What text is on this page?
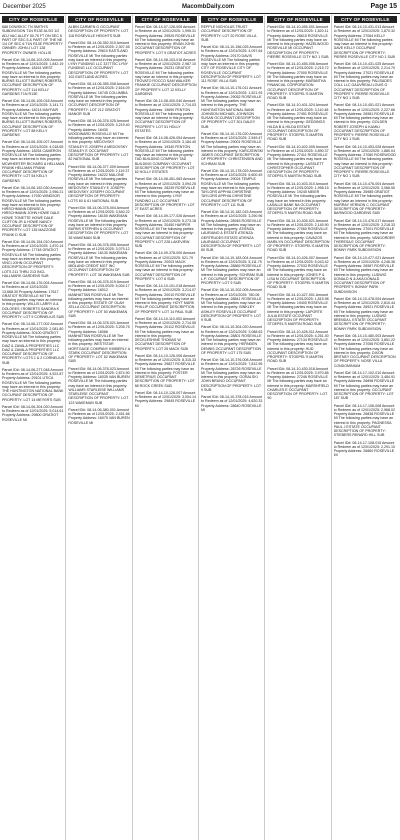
December 2025	MacombDaily.com	Page 15
CITY OF ROSEVILLE

688 DOWSKI'C TN SMITH'S SUBDIVISION T1N R13E ALSO 1/2 ADJ VAC ALLEY 50.75 FT ON SEC 6 PART OF SEC 5 & PART OF THE NE 1/4 OF SEC 6 T1N R13E PROPERTY OWNER: JOHN J LOT 128 PROPERTY OWNER: HOLLIS

Parcel ID#: 08-14-06-103-005 Amount to Redeem as of 12/01/2025: 1,842.19 Property Address: 18161 WEST ROSEVILLE MI The following parties may have an interest in this property: BURNS ELLIOTT BURNS ROBERTA OCCUPANT DESCRIPTION OF PROPERTY: LOT 114 KELLY GARDENS T1N R13E

Parcel ID#: 08-14-06-105-018 Amount to Redeem as of 12/01/2025: 3,141.71 Property Address: 18214 MAYFAIR ROSEVILLE MI The following parties may have an interest in this property: BURNS ELLIOTT BURNS ROBERTA OCCUPANT DESCRIPTION OF PROPERTY: LOT 88 KELLY GARDENS

Parcel ID#: 08-14-06-105-027 Amount to Redeem as of 12/01/2025: 4,018.65 Property Address: 18254 CAMERON ROSEVILLE MI The following parties may have an interest in this property: MCWHERTER RICHARD A HELLMAN FRANK HELLMAN FRANK OCCUPANT DESCRIPTION OF PROPERTY: LOT 54 KELLY GARDENS

Parcel ID#: 08-14-06-152-030 Amount to Redeem as of 12/01/2025: 2,956.21 Property Address: 17930 WINDSOR ROSEVILLE MI The following parties may have an interest in this property: HIRSCHMANN DENISE A HIRSCHMANN JOHN HOWE DALE HOWE TONETTE HOWE DALE CLIFTON JR & HOWE NANCY OCCUPANT DESCRIPTION OF PROPERTY: LOT 135 MAZZONE FRANK D SUB

Parcel ID#: 08-14-06-154-010 Amount to Redeem as of 12/01/2025: 1,870.14 Property Address: 17748 GRATIOT ROSEVILLE MI The following parties may have an interest in this property: VINCI JOHN OCCUPANT DESCRIPTION OF PROPERTY: LOTS 211 THRU 213 INCL HALLMARK GARDENS SUB

Parcel ID#: 08-14-06-176-004 Amount to Redeem as of 12/01/2025: 13,668.30 Property Address: 17617 GRATIOT ROSEVILLE MI The following parties may have an interest in this property: WILLIS LARRY A & DOLORES I ROBERTS SANDRA K OCCUPANT DESCRIPTION OF PROPERTY: LOT 9 CORNELIUS SUB

Parcel ID#: 08-14-06-177-002 Amount to Redeem as of 12/01/2025: 2,081.80 Property Address: 30100 GRATIOT ROSEVILLE MI The following parties may have an interest in this property: DIAZ & ZAVALA PROPERTIES LLC DIAZ & ZAVALA PROPERTIES LLC OCCUPANT DESCRIPTION OF PROPERTY: LOTS 1 & 2 CORNELIUS SUB

Parcel ID#: 08-14-06-277-048 Amount to Redeem as of 12/01/2025: 4,522.87 Property Address: 29101 UTICA ROSEVILLE MI The following parties may have an interest in this property: THE HUNTINGTON NATIONAL BANK OCCUPANT DESCRIPTION OF PROPERTY: LOT 14 MEYER'S SUB

Parcel ID#: 08-14-06-304-020 Amount to Redeem as of 12/01/2025: 5,014.61 Property Address: 29800 GRATIOT ROSEVILLE MI

CITY OF ROSEVILLE

ALBIN CARMEN G OCCUPANT DESCRIPTION OF PROPERTY: LOT 118 ROSEVILLE HEIGHTS SUB

Parcel ID#: 08-14-06-352-010 Amount to Redeem as of 12/01/2025: 2,307.45 Property Address: 29610 EASTLAND ROSEVILLE MI The following parties may have an interest in this property: LYNY FUNDING LLC 337775C LYNY FUNDING LLC OCCUPANT DESCRIPTION OF PROPERTY: LOT 102 EASTLAND ACRES

Parcel ID#: 08-14-06-355-008 Amount to Redeem as of 12/01/2025: 2,616.09 Property Address: 16745 COLUMBIA ROSEVILLE MI The following parties may have an interest in this property: OCCUPANT DESCRIPTION OF PROPERTY: LOT 212 GRATIOT MANOR SUB

Parcel ID#: 08-14-06-376-025 Amount to Redeem as of 12/01/2025: 3,219.40 Property Address: 16430 WOODWARD ROSEVILLE MI The following parties may have an interest in this property: MEDOVSKY STANLEY E JOSEPH A MEDOVSKY STANLEY E OCCUPANT DESCRIPTION OF PROPERTY: LOT 82 NATIONAL SUB

Parcel ID#: 08-14-06-377-009 Amount to Redeem as of 12/01/2025: 2,119.37 Property Address: 16222 MALONE ROSEVILLE MI The following parties may have an interest in this property: MEDOVSKY STANLEY E JOSEPH MEDOVSKY JOSEPH OCCUPANT DESCRIPTION OF PROPERTY: LOTS 60 & 61 NATIONAL SUB

Parcel ID#: 08-14-06-378-004 Amount to Redeem as of 12/01/2025: 3,540.22 Property Address: 16150 WAKEMAN ROSEVILLE MI The following parties may have an interest in this property: BURNS STEPHEN & OCCUPANT DESCRIPTION OF PROPERTY: LOT 35 WAKEMAN SUB

Parcel ID#: 08-14-06-378-005 Amount to Redeem as of 12/01/2025: 3,075.12 Property Address: 16130 WAKEMAN ROSEVILLE MI The following parties may have an interest in this property: MIDLAND CREDIT MGT INC OCCUPANT DESCRIPTION OF PROPERTY: LOT 36 WAKEMAN SUB

Parcel ID#: 08-14-06-378-019 Amount to Redeem as of 12/01/2025: 5,004.17 Property Address: 16012 MANHATTAN ROSEVILLE MI The following parties may have an interest in this property: ESTATE OF OLAH ZELLA OCCUPANT DESCRIPTION OF PROPERTY: LOT 50 WAKEMAN SUB

Parcel ID#: 08-14-06-378-021 Amount to Redeem as of 12/01/2025: 3,205.75 Property Address: 16066 MANHATTAN ROSEVILLE MI The following parties may have an interest in this property: WESTSTAR MORTGAGE COMPANY KIMBERLY A STARK OCCUPANT DESCRIPTION OF PROPERTY: LOT 52 WAKEMAN SUB

Parcel ID#: 08-14-06-378-023 Amount to Redeem as of 12/01/2025: 2,874.90 Property Address: 16035 VAN BUREN ROSEVILLE MI The following parties may have an interest in this property: WILLIAMS STARLEISE WILLIAMS STARLEISE OCCUPANT DESCRIPTION OF PROPERTY: LOT 123 WAKEMAN SUB

Parcel ID#: 08-14-06-380-001 Amount to Redeem as of 12/01/2025: 2,451.66 Property Address: 16075 VAN BUREN ROSEVILLE MI

CITY OF ROSEVILLE

Parcel ID#: 08-14-07-126-005 Amount to Redeem as of 12/01/2025: 1,995.31 Property Address: 29525 ROSEVILLE MI The following parties may have an interest in this property: IRVAN JOHN OCCUPANT DESCRIPTION OF PROPERTY: LOT 9 GRATIOT ACRES

Parcel ID#: 08-14-08-103-018 Amount to Redeem as of 12/01/2025: 2,987.10 Property Address: 29231 GRATIOT ROSEVILLE MI The following parties may have an interest in this property: TROVATO ROCCO SAM WALKER FRANKIE OCCUPANT DESCRIPTION OF PROPERTY: LOT 12 KELLY GARDENS

Parcel ID#: 08-14-08-400-040 Amount to Redeem as of 12/01/2025: 2,714.03 Property Address: 19690 FENTON ROSEVILLE MI The following parties may have an interest in this property: OCCUPANT DESCRIPTION OF PROPERTY: LOT 51 HOLLY ESTATES

Parcel ID#: 08-14-08-426-054 Amount to Redeem as of 12/01/2025: 3,184.40 Property Address: 19340 FENTON ROSEVILLE MI The following parties may have an interest in this property: TAD BUILDING COMPANY TAD BUILDING COMPANY OCCUPANT DESCRIPTION OF PROPERTY: LOT 62 HOLLY ESTATES

Parcel ID#: 08-14-08-451-063 Amount to Redeem as of 12/01/2025: 3,094.25 Property Address: 28249 ROSEVILLE MI The following parties may have an interest in this property: LYNY FUNDING LLC OCCUPANT DESCRIPTION OF PROPERTY: LOT 27 EAST ACRES

Parcel ID#: 08-14-09-177-026 Amount to Redeem as of 12/01/2025: 5,273.18 Property Address: 20450 HARPER ROSEVILLE MI The following parties may have an interest in this property: OCCUPANT DESCRIPTION OF PROPERTY: LOT 228 LAKEVIEW SUB

Parcel ID#: 08-14-09-378-000 Amount to Redeem as of 12/01/2025: 521.79 Property Address: 20003 MACK ROSEVILLE MI The following parties may have an interest in this property: OCCUPANT DESCRIPTION OF PROPERTY: LOT 6 SUB

Parcel ID#: 08-14-10-101-018 Amount to Redeem as of 12/01/2025: 3,214.07 Property Address: 20010 ROSEVILLE MI The following parties may have an interest in this property: HOYT MARK PHILLIP OCCUPANT DESCRIPTION OF PROPERTY: LOT 14 PAUL SUB

Parcel ID#: 08-14-10-110-003 Amount to Redeem as of 12/01/2025: 2,714.55 Property Address: 20112 ROSEVILLE MI The following parties may have an interest in this property: DECKLESHINE THOMAS W OCCUPANT DESCRIPTION OF PROPERTY: LOT 25 MACK SUB

Parcel ID#: 08-14-10-126-006 Amount to Redeem as of 12/01/2025: 8,315.33 Property Address: 29827 ROSEVILLE MI The following parties may have an interest in this property: FOSTER DEMETRIUS OCCUPANT DESCRIPTION OF PROPERTY: LOT 88 ROCK CREEK SUB

Parcel ID#: 08-14-10-126-007 Amount to Redeem as of 12/01/2025: 3,004.14 Property Address: 29845 ROSEVILLE MI

CITY OF ROSEVILLE

REPPLE NICHOLAS TRUST OCCUPANT DESCRIPTION OF PROPERTY: LOT 20 ROSE VILLA SUB

Parcel ID#: 08-14-10-156-025 Amount to Redeem as of 12/01/2025: 4,097.64 Property Address: 29170 DAVIS ROSEVILLE MI The following parties may have an interest in this property: CITY OF ROSEVILLE CITY OF ROSEVILLE OCCUPANT DESCRIPTION OF PROPERTY: LOT 111 ROSE VILLA SUB

Parcel ID#: 08-14-10-176-011 Amount to Redeem as of 12/01/2025: 1,521.93 Property Address: 29052 ROSEVILLE MI The following parties may have an interest in this property: THE HUNTINGTON NATIONAL BANK JOHNSON MICHAEL JOHNSON SUSAN OCCUPANT DESCRIPTION OF PROPERTY: LOT 301 DALEY SUB

Parcel ID#: 08-14-10-176-020 Amount to Redeem as of 12/01/2025: 2,549.47 Property Address: 29001 ROSEVILLE MI The following parties may have an interest in this property: KARCZEWSKI JAMES OCCUPANT DESCRIPTION OF PROPERTY: CHRISTENSEN AND SCHRAM SUB

Parcel ID#: 08-14-10-178-029 Amount to Redeem as of 12/01/2025: 6,600.49 Property Address: 29024 TEMPLE ROSEVILLE MI The following parties may have an interest in this property: TAYLORS APPHIA CHRISTINE TAYLORS APPHIA CHRISTINE OCCUPANT DESCRIPTION OF PROPERTY: LOT 111 SUB

Parcel ID#: 08-14-10-182-015 Amount to Redeem as of 12/01/2025: 3,290.96 Property Address: 28945 ROSEVILLE MI The following parties may have an interest in this property: ATIENZA LAURIANO & ESTATE ATIENZA GERTRUDES ESTATE ATIENZA LAURIANO OCCUPANT DESCRIPTION OF PROPERTY: LOT 80 SUB

Parcel ID#: 08-14-10-183-004 Amount to Redeem as of 12/01/2025: 5,111.75 Property Address: 28869 ROSEVILLE MI The following parties may have an interest in this property: SCHRAM SUB L.P. OCCUPANT DESCRIPTION OF PROPERTY: LOT 9 SUB

Parcel ID#: 08-14-10-202-005 Amount to Redeem as of 12/01/2025: 780.06 Property Address: 28841 ROSEVILLE MI The following parties may have an interest in this property: BINKLEY ASHLEY ROSEVILLE OCCUPANT DESCRIPTION OF PROPERTY: LOT 9 SUB

Parcel ID#: 08-14-10-304-020 Amount to Redeem as of 12/01/2025: 3,088.63 Property Address: 28801 ROSEVILLE MI The following parties may have an interest in this property: HERNDEN DENNIS OCCUPANT DESCRIPTION OF PROPERTY: LOT 175 SUB

Parcel ID#: 08-14-10-376-008 Amount to Redeem as of 12/01/2025: 7,812.95 Property Address: 28726 ROSEVILLE MI The following parties may have an interest in this property: GORALSKI JOHN BRUNO OCCUPANT DESCRIPTION OF PROPERTY: LOT 9 SUB

Parcel ID#: 08-14-10-378-015 Amount to Redeem as of 12/01/2025: 4,620.33 Property Address: 28640 ROSEVILLE MI

CITY OF ROSEVILLE

Parcel ID#: 08-14-10-455-001 Amount to Redeem as of 12/01/2025: 1,820.11 Property Address: 28615 ROSEVILLE MI The following parties may have an interest in this property: HAZELWOOD ROSEVILLE MI OCCUPANT DESCRIPTION OF PROPERTY: PIERRE ROSEVILLE CITY NO 1 SUB

Parcel ID#: 08-14-10-455-006 Amount to Redeem as of 12/01/2025: 2,215.72 Property Address: 27000 ROSEVILLE MI The following parties may have an interest in this property: MARANTHA FINANCIAL CORPORATION OCCUPANT DESCRIPTION OF PROPERTY: STOEPEL'S MARTIN ROAD SUB

Parcel ID#: 08-14-10-401-024 Amount to Redeem as of 12/01/2025: 3,110.48 Property Address: 27451 ROSEVILLE MI The following parties may have an interest in this property: GEDDINGS HILDA B & HILDA ESTATE OCCUPANT DESCRIPTION OF PROPERTY: STOEPEL'S MARTIN ROAD SUB

Parcel ID#: 08-14-10-402-005 Amount to Redeem as of 12/01/2025: 4,890.37 Property Address: 27411 ROSEVILLE MI The following parties may have an interest in this property: LASSLETT CHRISTOPHER OCCUPANT DESCRIPTION OF PROPERTY: STOEPEL'S MARTIN ROAD SUB

Parcel ID#: 08-14-10-403-010 Amount to Redeem as of 12/01/2025: 1,998.15 Property Address: 19245 MEIER ROSEVILLE MI The following parties may have an interest in this property: LASALLE BANK NA OCCUPANT DESCRIPTION OF PROPERTY: STOEPEL'S MARTIN ROAD SUB

Parcel ID#: 08-14-10-405-021 Amount to Redeem as of 12/01/2025: 2,145.90 Property Address: 27060 ROSEVILLE MI The following parties may have an interest in this property: CAVAZOS MARILYN OCCUPANT DESCRIPTION OF PROPERTY: STOEPEL'S MARTIN ROAD SUB

Parcel ID#: 08-14-10-426-007 Amount to Redeem as of 12/01/2025: 5,043.42 Property Address: 27033 ROSEVILLE MI The following parties may have an interest in this property: JONES P & LISA M OCCUPANT DESCRIPTION OF PROPERTY: STOEPEL'S MARTIN ROAD SUB

Parcel ID#: 08-14-10-427-001 Amount to Redeem as of 12/01/2025: 1,815.98 Property Address: 19400 ROSEVILLE MI The following parties may have an interest in this property: LAPORTE JULIA ESTATE OCCUPANT DESCRIPTION OF PROPERTY: STOEPEL'S MARTIN ROAD SUB

Parcel ID#: 08-14-10-428-011 Amount to Redeem as of 12/01/2025: 4,251.40 Property Address: 27134 ROSEVILLE MI The following parties may have an interest in this property: HUD OCCUPANT DESCRIPTION OF PROPERTY: STOEPEL'S MARTIN ROAD SUB

Parcel ID#: 08-14-10-430-018 Amount to Redeem as of 12/01/2025: 3,970.85 Property Address: 27246 ROSEVILLE MI The following parties may have an interest in this property: MARSHFIELD CHARLES E OCCUPANT DESCRIPTION OF PROPERTY: LOT 90

CITY OF ROSEVILLE

Parcel ID#: 08-14-10-431-013 Amount to Redeem as of 12/01/2025: 1,870.32 Property Address: 27064 KELLY ROSEVILLE MI The following parties may have an interest in this property: DAVE KELLY OCCUPANT DESCRIPTION OF PROPERTY: PIERRE ROSEVILLE CITY NO 1 SUB

Parcel ID#: 08-14-10-431-025 Amount to Redeem as of 12/01/2025: 2,214.70 Property Address: 27021 ROSEVILLE MI The following parties may have an interest in this property: PALISADES COLL LLC GAUVREAU LOUIS G OCCUPANT DESCRIPTION OF PROPERTY: PIERRE ROSEVILLE CITY NO 1 SUB

Parcel ID#: 08-14-10-451-021 Amount to Redeem as of 12/01/2025: 2,227.66 Property Address: 26981 ROSEVILLE MI The following parties may have an interest in this property: GOLDEN ROBERT JOSEPH & KAMILI OCCUPANT DESCRIPTION OF PROPERTY: PIERRE ROSEVILLE CITY NO 1 SUB

Parcel ID#: 08-14-10-453-028 Amount to Redeem as of 12/01/2025: 1,880.04 Property Address: 27080 ROSEWOOD ROSEVILLE MI The following parties may have an interest in this property: OCCUPANT DESCRIPTION OF PROPERTY: PIERRE ROSEVILLE CITY NO 1 SUB

Parcel ID#: 08-14-10-476-004 Amount to Redeem as of 12/01/2025: 3,066.50 Property Address: 26985 GRATIOT ROSEVILLE MI The following parties may have an interest in this property: MURRAY VERNON C OCCUPANT DESCRIPTION OF PROPERTY: BARWOOD GARDENS SUB

Parcel ID#: 08-14-10-476-017 Amount to Redeem as of 12/01/2025: 3,218.33 Property Address: 27001 ROSEVILLE MI The following parties may have an interest in this property: VANGORDER THERESA E OCCUPANT DESCRIPTION OF PROPERTY: BONNY PARK SUBDIVISION

Parcel ID#: 08-14-10-477-021 Amount to Redeem as of 12/01/2025: 4,246.36 Property Address: 26987 ROSEVILLE MI The following parties may have an interest in this property: LUDWIG DONALD N & AKA DONALD OCCUPANT DESCRIPTION OF PROPERTY: BONNY PARK SUBDIVISION

Parcel ID#: 08-14-10-478-004 Amount to Redeem as of 12/01/2025: 2,810.44 Property Address: 26921 ROSEVILLE MI The following parties may have an interest in this property: LUDWIG BRENDA L ESTATE OCCUPANT DESCRIPTION OF PROPERTY: BONNY PARK SUBDIVISION

Parcel ID#: 08-14-10-480-003 Amount to Redeem as of 12/01/2025: 3,851.22 Property Address: 27056 ROSEVILLE MI The following parties may have an interest in this property: DIXON BRITNEY OCCUPANT DESCRIPTION OF PROPERTY: NOSE VILLA CONDOMINIUM

Parcel ID#: 08-14-17-102-010 Amount to Redeem as of 12/01/2025: 3,484.91 Property Address: 26898 ROSEVILLE MI The following parties may have an interest in this property: OCCUPANT DESCRIPTION OF PROPERTY: LOT 187 SUB

Parcel ID#: 08-14-17-106-008 Amount to Redeem as of 12/01/2025: 2,968.02 Property Address: 26838 ROSEVILLE MI The following parties may have an interest in this property: PAGNESSA PAUL J ESTATE OCCUPANT DESCRIPTION OF PROPERTY: STIEBERS RENARD HILL SUB

Parcel ID#: 08-14-17-108-015 Amount to Redeem as of 12/01/2025: 2,291.10 Property Address: 26860 ROSEVILLE MI
